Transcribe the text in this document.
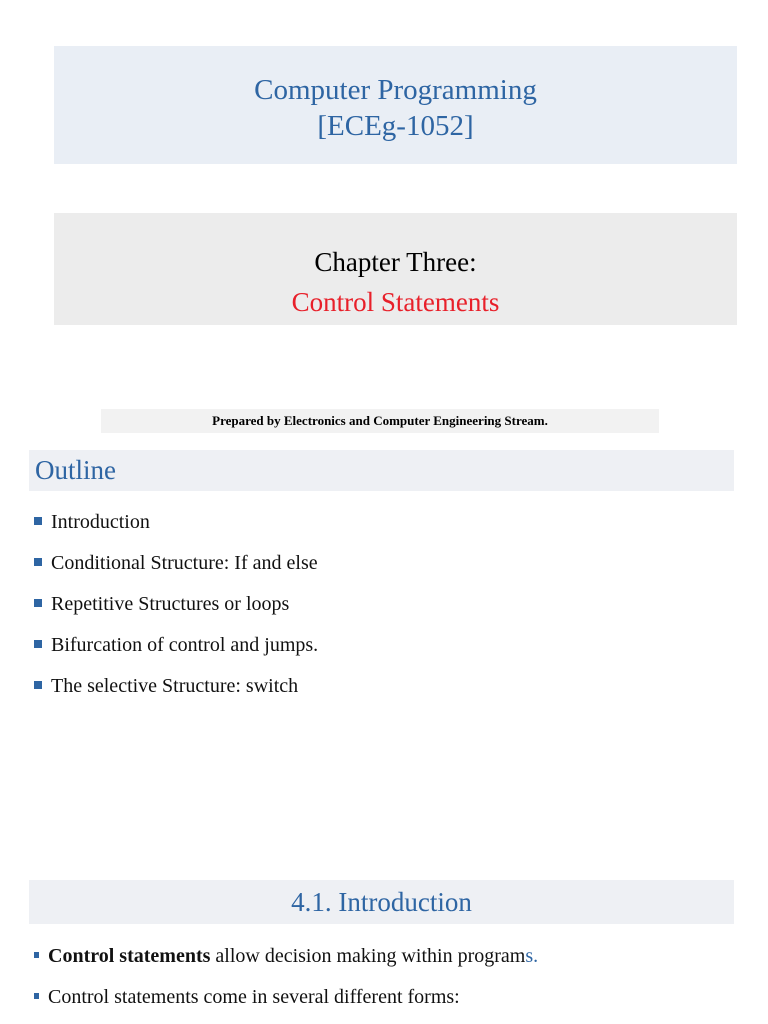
Computer Programming
[ECEg-1052]
Chapter Three:
Control Statements
Prepared by Electronics and Computer Engineering Stream.
Outline
Introduction
Conditional Structure: If and else
Repetitive Structures or loops
Bifurcation of control and jumps.
The selective Structure: switch
4.1. Introduction
Control statements allow decision making within programs.
Control statements come in several different forms:
